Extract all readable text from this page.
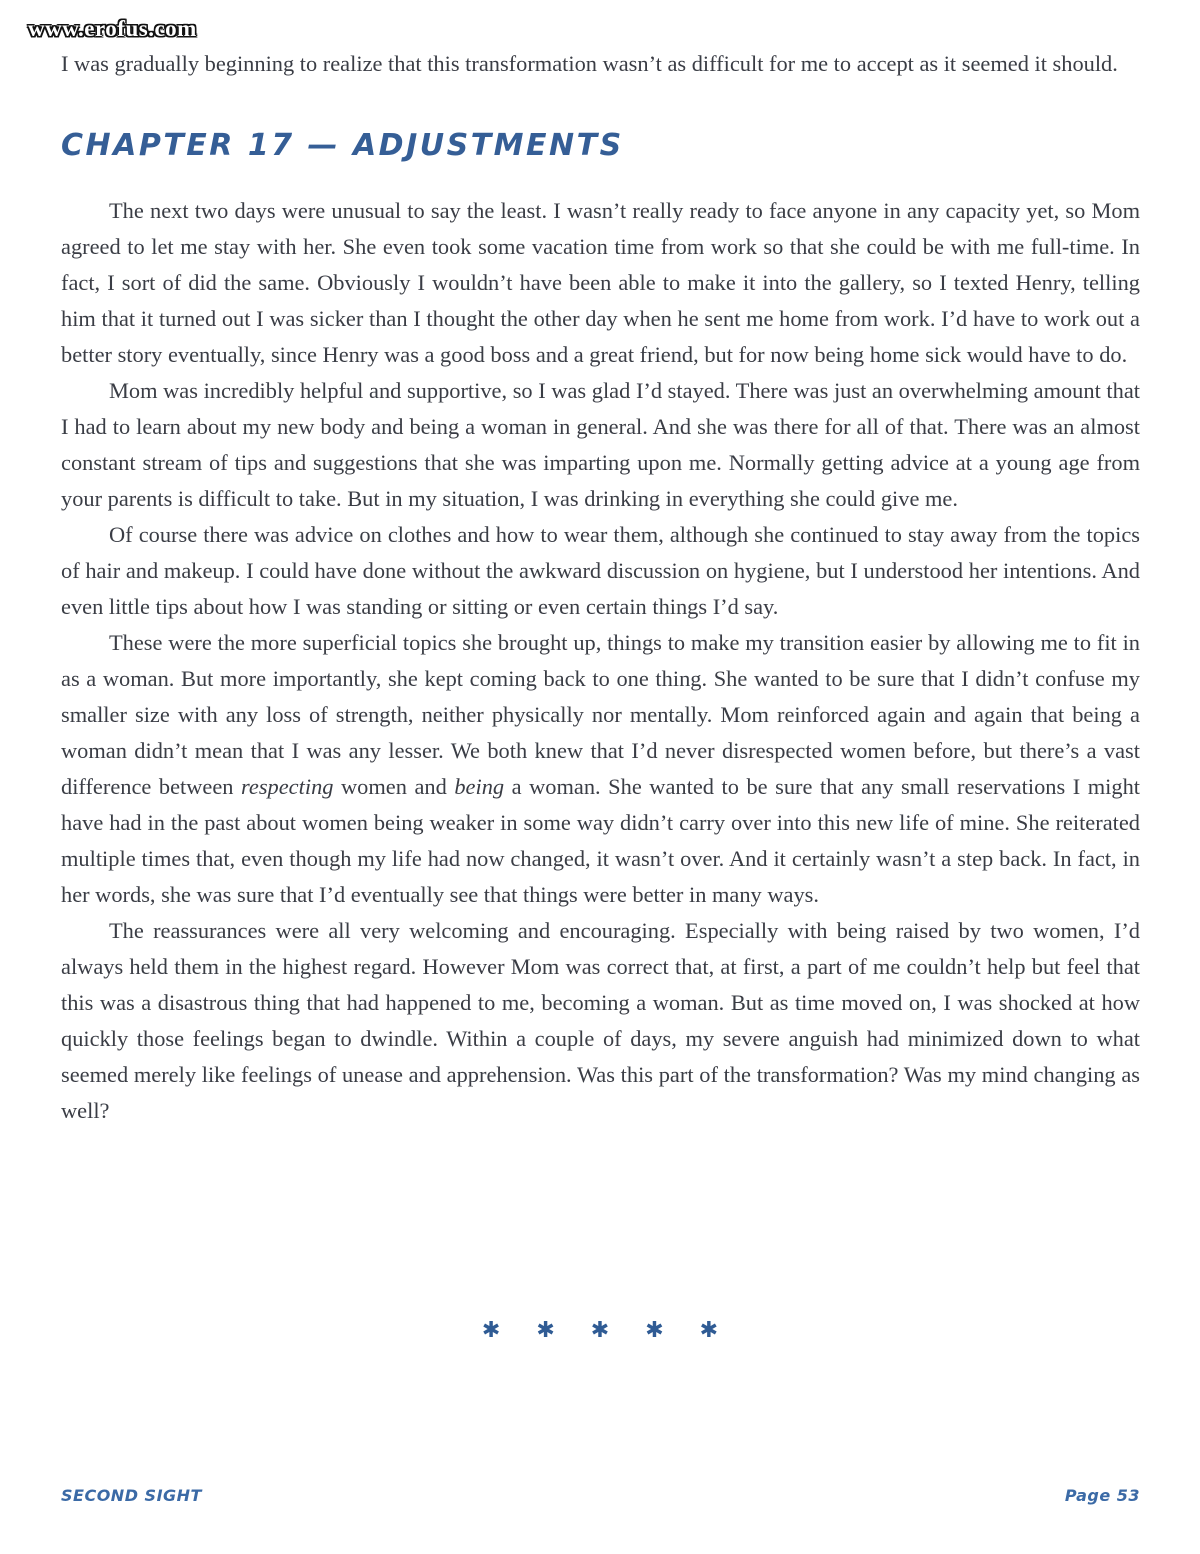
www.erofus.com

I was gradually beginning to realize that this transformation wasn’t as difficult for me to accept as it seemed it should.

CHAPTER 17 — ADJUSTMENTS

The next two days were unusual to say the least. I wasn’t really ready to face anyone in any capacity yet, so Mom agreed to let me stay with her. She even took some vacation time from work so that she could be with me full-time. In fact, I sort of did the same. Obviously I wouldn’t have been able to make it into the gallery, so I texted Henry, telling him that it turned out I was sicker than I thought the other day when he sent me home from work. I’d have to work out a better story eventually, since Henry was a good boss and a great friend, but for now being home sick would have to do.

Mom was incredibly helpful and supportive, so I was glad I’d stayed. There was just an overwhelming amount that I had to learn about my new body and being a woman in general. And she was there for all of that. There was an almost constant stream of tips and suggestions that she was imparting upon me. Normally getting advice at a young age from your parents is difficult to take. But in my situation, I was drinking in everything she could give me.

Of course there was advice on clothes and how to wear them, although she continued to stay away from the topics of hair and makeup. I could have done without the awkward discussion on hygiene, but I understood her intentions. And even little tips about how I was standing or sitting or even certain things I’d say.

These were the more superficial topics she brought up, things to make my transition easier by allowing me to fit in as a woman. But more importantly, she kept coming back to one thing. She wanted to be sure that I didn’t confuse my smaller size with any loss of strength, neither physically nor mentally. Mom reinforced again and again that being a woman didn’t mean that I was any lesser. We both knew that I’d never disrespected women before, but there’s a vast difference between respecting women and being a woman. She wanted to be sure that any small reservations I might have had in the past about women being weaker in some way didn’t carry over into this new life of mine. She reiterated multiple times that, even though my life had now changed, it wasn’t over. And it certainly wasn’t a step back. In fact, in her words, she was sure that I’d eventually see that things were better in many ways.

The reassurances were all very welcoming and encouraging. Especially with being raised by two women, I’d always held them in the highest regard. However Mom was correct that, at first, a part of me couldn’t help but feel that this was a disastrous thing that had happened to me, becoming a woman. But as time moved on, I was shocked at how quickly those feelings began to dwindle. Within a couple of days, my severe anguish had minimized down to what seemed merely like feelings of unease and apprehension. Was this part of the transformation? Was my mind changing as well?

✱ ✱ ✱ ✱ ✱
SECOND SIGHT	Page 53
